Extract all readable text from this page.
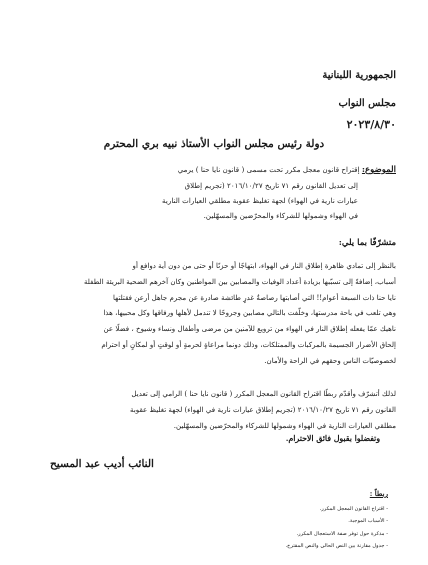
الجمهورية اللبنانية
مجلس النواب
٢٠٢٣/٨/٣٠
دولة رئيس مجلس النواب الأستاذ نبيه بري المحترم
الموضوع: إقتراح قانون معجل مكرر تحت مسمى ( قانون نايا حنا ) يرمي
إلى تعديل القانون رقم ٧١ تاريخ ٢٠١٦/١٠/٢٧ (تجريم إطلاق
عيارات نارية في الهواء) لجهة تغليظ عقوبة مطلقي العيارات النارية
في الهواء وشمولها للشركاء والمحرّضين والمسهّلين.
متشرّفًا بما يلي:
بالنظر إلى تمادي ظاهرة إطلاق النار في الهواء، ابتهاجًا أو حزنًا أو حتى من دون أية دوافع أو
أسباب، إضافةً إلى تسبّبها بزيادة أعداد الوفيات والمصابين بين المواطنين وكان آخرهم الضحية البريئة الطفلة
نايا حنا ذات السبعة أعوام!! التي أصابتها رصاصةٌ غدرٍ طائشة صادرة عن مجرم جاهل أرعن فقتلتها
وهي تلعب في باحة مدرستها، وخلّفت بالتالي مصابين وجروحًا لا تندمل لأهلها ورفاقها وكل محبيها، هذا
ناهيك عمّا يفعله إطلاق النار في الهواء من ترويع للآمنين من مرضى وأطفال ونساء وشيوخ ، فضلًا عن
إلحاق الأضرار الجسيمة بالمركبات والممتلكات، وذلك دونما مراعاةٍ لحرمةٍ أو لوقتٍ أو لمكانٍ أو احترام
لخصوصيّات الناس وحقهم في الراحة والأمان.
لذلك أتشرّف وأقدّم ربطًا اقتراح القانون المعجل المكرر ( قانون نايا حنا ) الرامي إلى تعديل
القانون رقم ٧١ تاريخ ٢٠١٦/١٠/٢٧ (تجريم إطلاق عيارات نارية في الهواء) لجهة تغليظ عقوبة
مطلقي العيارات النارية في الهواء وشمولها للشركاء والمحرّضين والمسهّلين.
وتفضلوا بقبول فائق الاحترام.
النائب أديب عبد المسيح
ربطاً :
- اقتراح القانون المعجل المكرر.
- الأسباب الموجبة.
- مذكرة حول توفر صفة الاستعجال المكرر.
- جدول مقارنة بين النص الحالي والنص المقترح.
